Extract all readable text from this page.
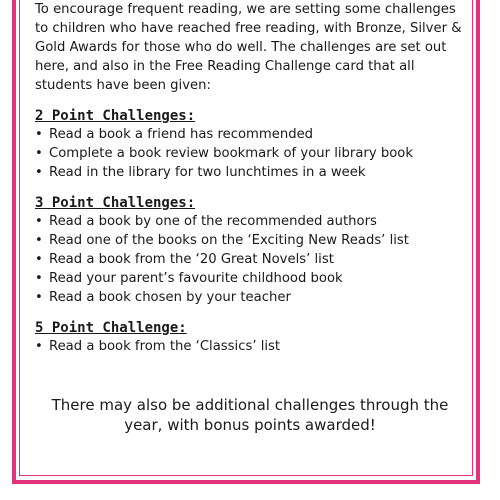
To encourage frequent reading, we are setting some challenges to children who have reached free reading, with Bronze, Silver & Gold Awards for those who do well. The challenges are set out here, and also in the Free Reading Challenge card that all students have been given:

2 Point Challenges:
• Read a book a friend has recommended
• Complete a book review bookmark of your library book
• Read in the library for two lunchtimes in a week
3 Point Challenges:
• Read a book by one of the recommended authors
• Read one of the books on the ‘Exciting New Reads’ list
• Read a book from the ‘20 Great Novels’ list
• Read your parent’s favourite childhood book
• Read a book chosen by your teacher
5 Point Challenge:
• Read a book from the ‘Classics’ list
There may also be additional challenges through the year, with bonus points awarded!
